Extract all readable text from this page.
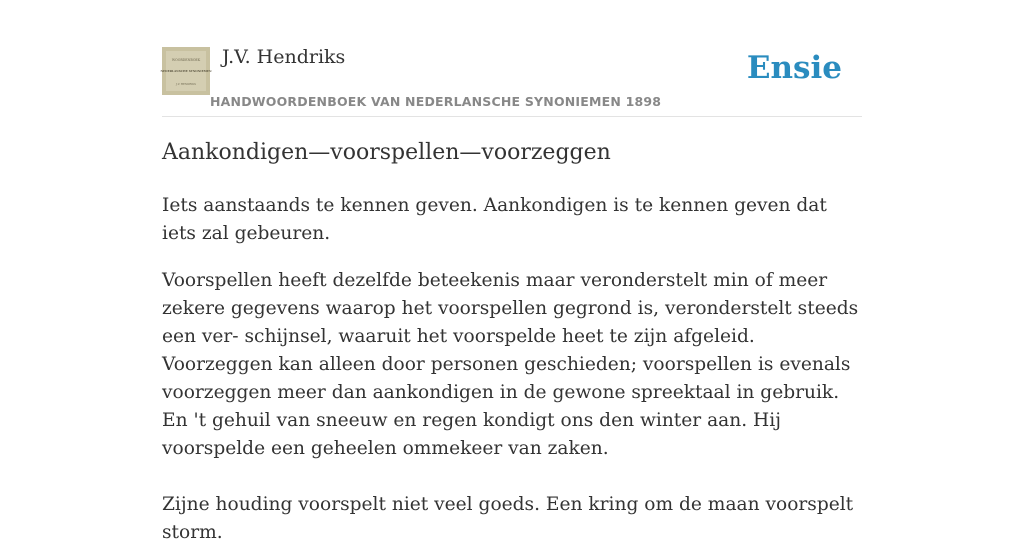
WOORDENBOEK
NEDERLANSCHE SYNONIEMEN
J.V. HENDRIKS
J.V. Hendriks
HANDWOORDENBOEK VAN NEDERLANSCHE SYNONIEMEN 1898
Ensie
Aankondigen—voorspellen—voorzeggen

Iets aanstaands te kennen geven. Aankondigen is te kennen geven dat iets zal gebeuren.

Voorspellen heeft dezelfde beteekenis maar veronderstelt min of meer zekere gegevens waarop het voorspellen gegrond is, veronderstelt steeds een ver- schijnsel, waaruit het voorspelde heet te zijn afgeleid. Voorzeggen kan alleen door personen geschieden; voorspellen is evenals voorzeggen meer dan aankondigen in de gewone spreektaal in gebruik. En 't gehuil van sneeuw en regen kondigt ons den winter aan. Hij voorspelde een geheelen ommekeer van zaken.

Zijne houding voorspelt niet veel goeds. Een kring om de maan voorspelt storm.
